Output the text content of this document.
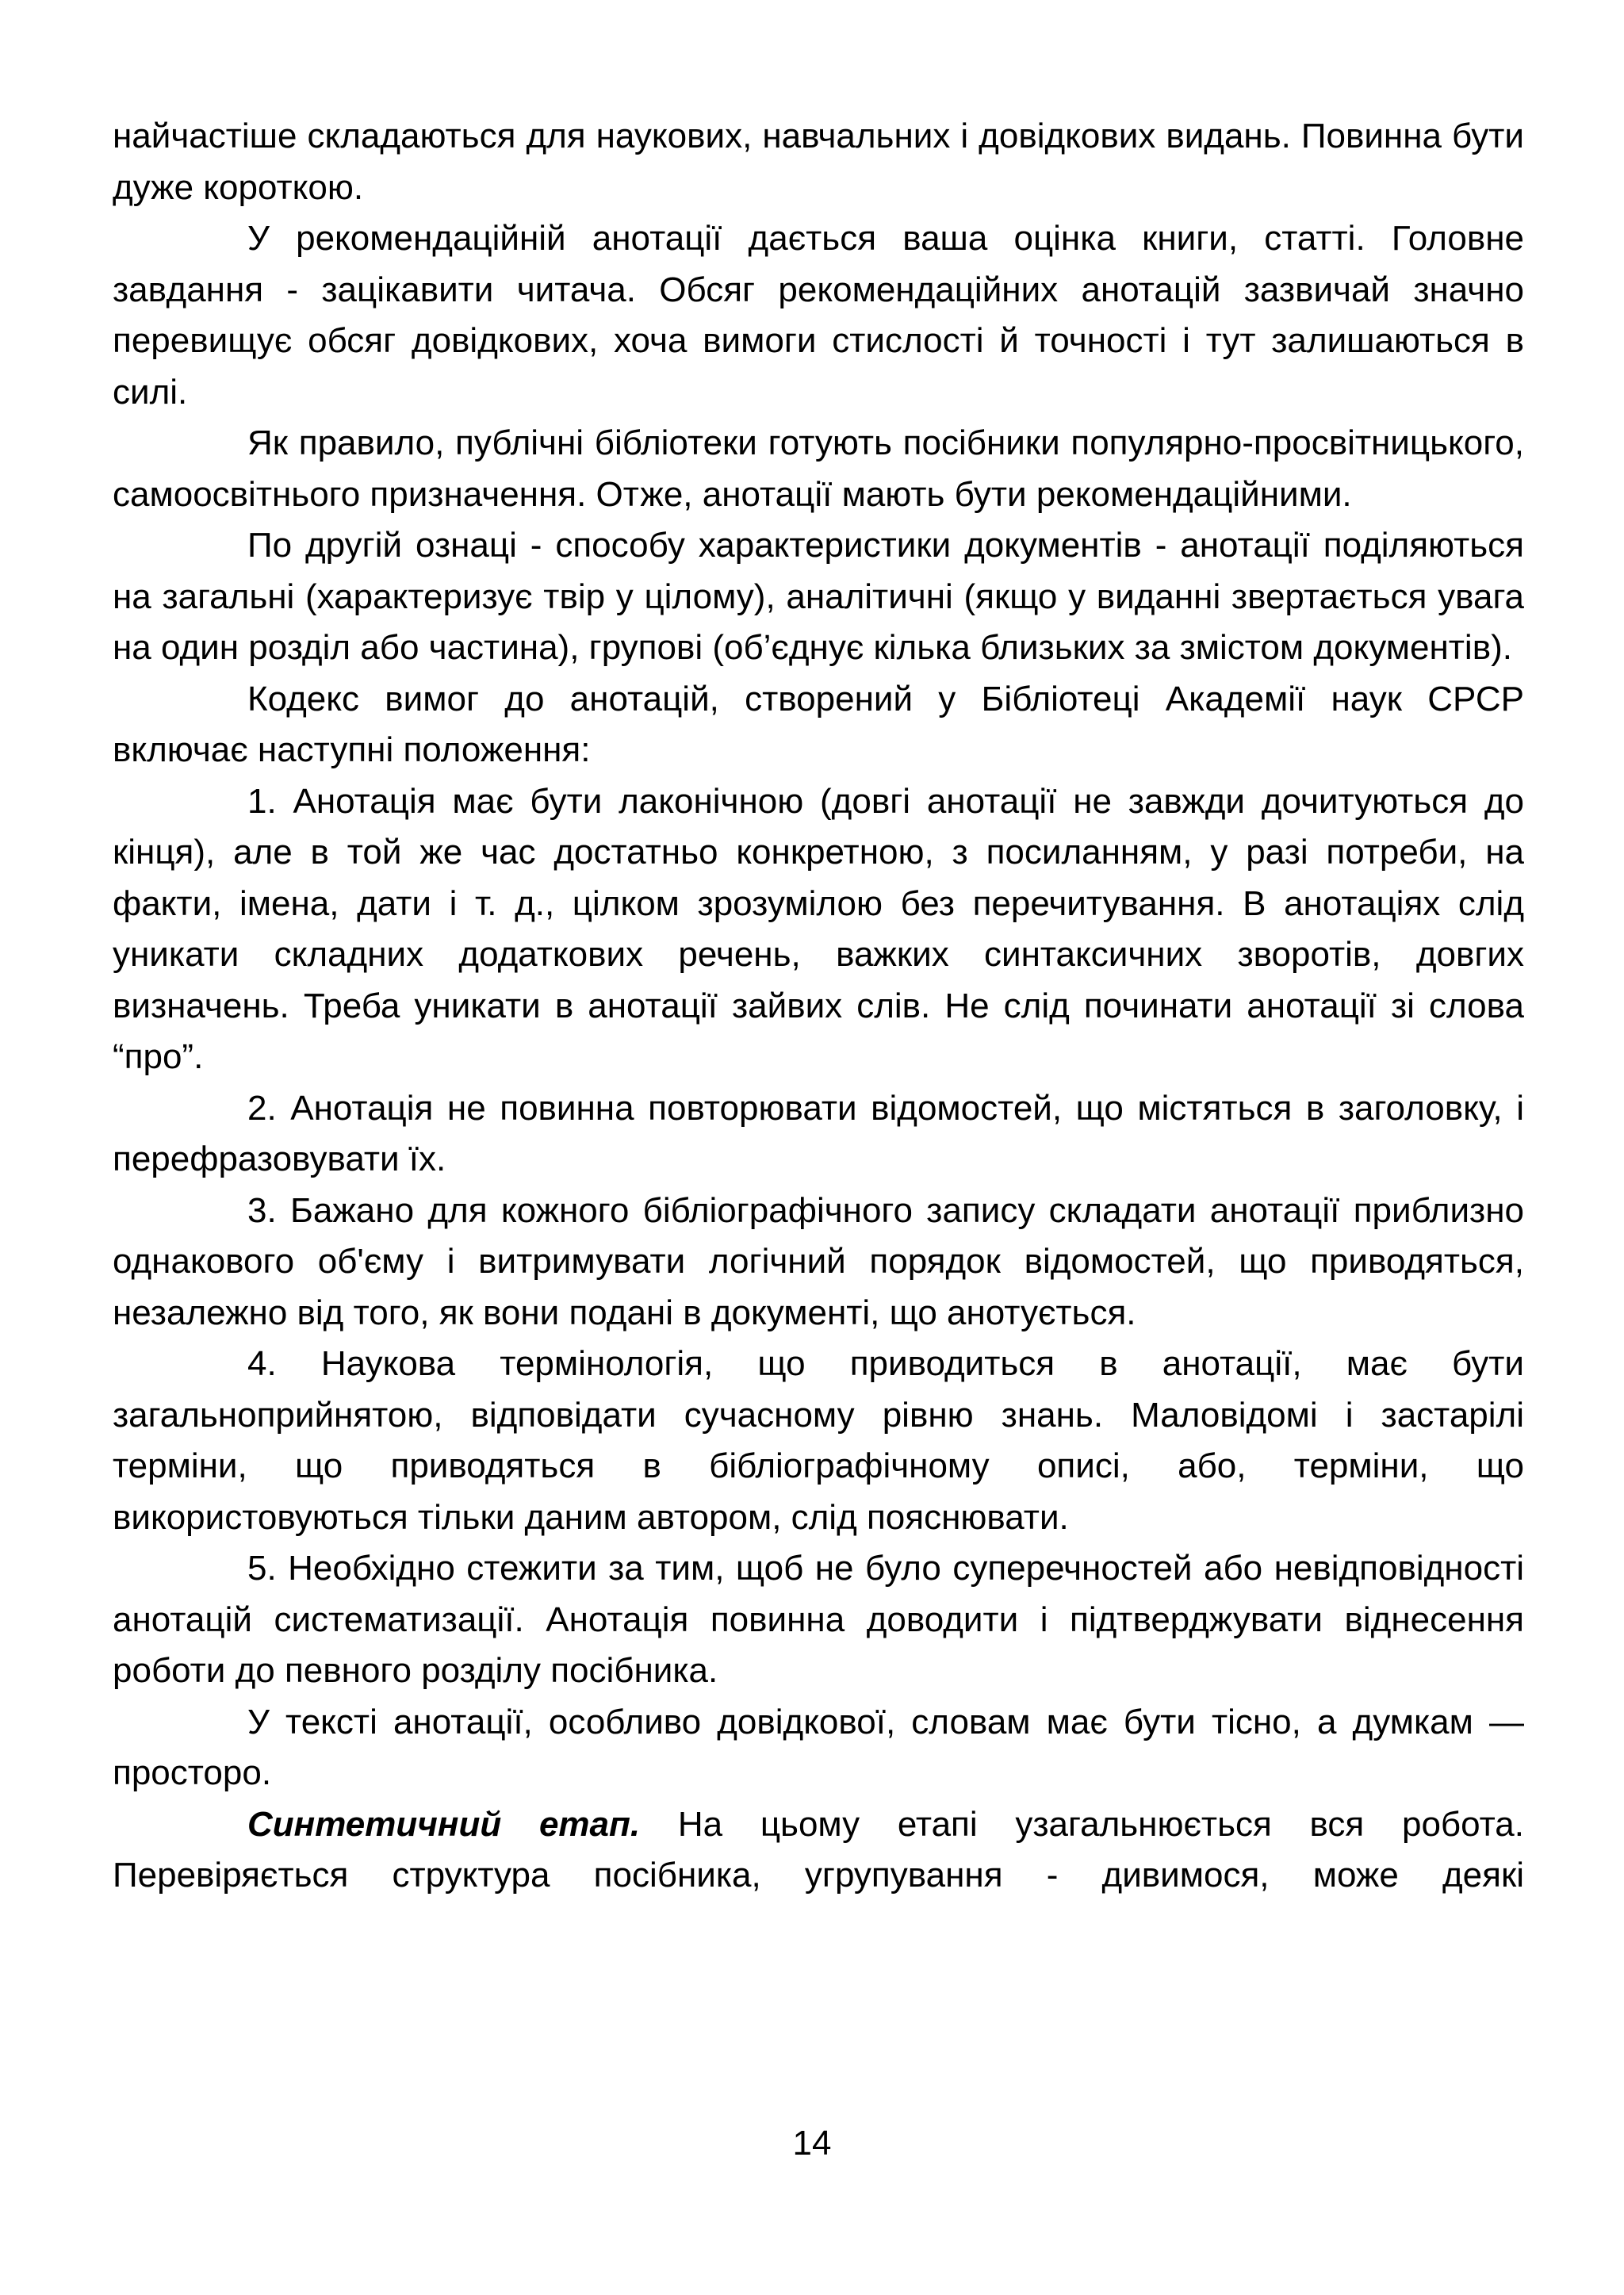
найчастіше складаються для наукових, навчальних і довідкових видань. Повинна бути дуже короткою.

У рекомендаційній анотації дається ваша оцінка книги, статті. Головне завдання - зацікавити читача. Обсяг рекомендаційних анотацій зазвичай значно перевищує обсяг довідкових, хоча вимоги стислості й точності і тут залишаються в силі.

Як правило, публічні бібліотеки готують посібники популярно-просвітницького, самоосвітнього призначення. Отже, анотації мають бути рекомендаційними.

По другій ознаці - способу характеристики документів - анотації поділяються на загальні (характеризує твір у цілому), аналітичні (якщо у виданні звертається увага на один розділ або частина), групові (об’єднує кілька близьких за змістом документів).

Кодекс вимог до анотацій, створений у Бібліотеці Академії наук СРСР включає наступні положення:

1. Анотація має бути лаконічною (довгі анотації не завжди дочитуються до кінця), але в той же час достатньо конкретною, з посиланням, у разі потреби, на факти, імена, дати і т. д., цілком зрозумілою без перечитування. В анотаціях слід уникати складних додаткових речень, важких синтаксичних зворотів, довгих визначень. Треба уникати в анотації зайвих слів. Не слід починати анотації зі слова “про”.

2. Анотація не повинна повторювати відомостей, що містяться в заголовку, і перефразовувати їх.

3. Бажано для кожного бібліографічного запису складати анотації приблизно однакового об'єму і витримувати логічний порядок відомостей, що приводяться, незалежно від того, як вони подані в документі, що анотується.

4. Наукова термінологія, що приводиться в анотації, має бути загальноприйнятою, відповідати сучасному рівню знань. Маловідомі і застарілі терміни, що приводяться в бібліографічному описі, або, терміни, що використовуються тільки даним автором, слід пояснювати.

5. Необхідно стежити за тим, щоб не було суперечностей або невідповідності анотацій систематизації. Анотація повинна доводити і підтверджувати віднесення роботи до певного розділу посібника.

У тексті анотації, особливо довідкової, словам має бути тісно, а думкам — просторо.

Синтетичний етап. На цьому етапі узагальнюється вся робота. Перевіряється структура посібника, угрупування - дивимося, може деякі

14
